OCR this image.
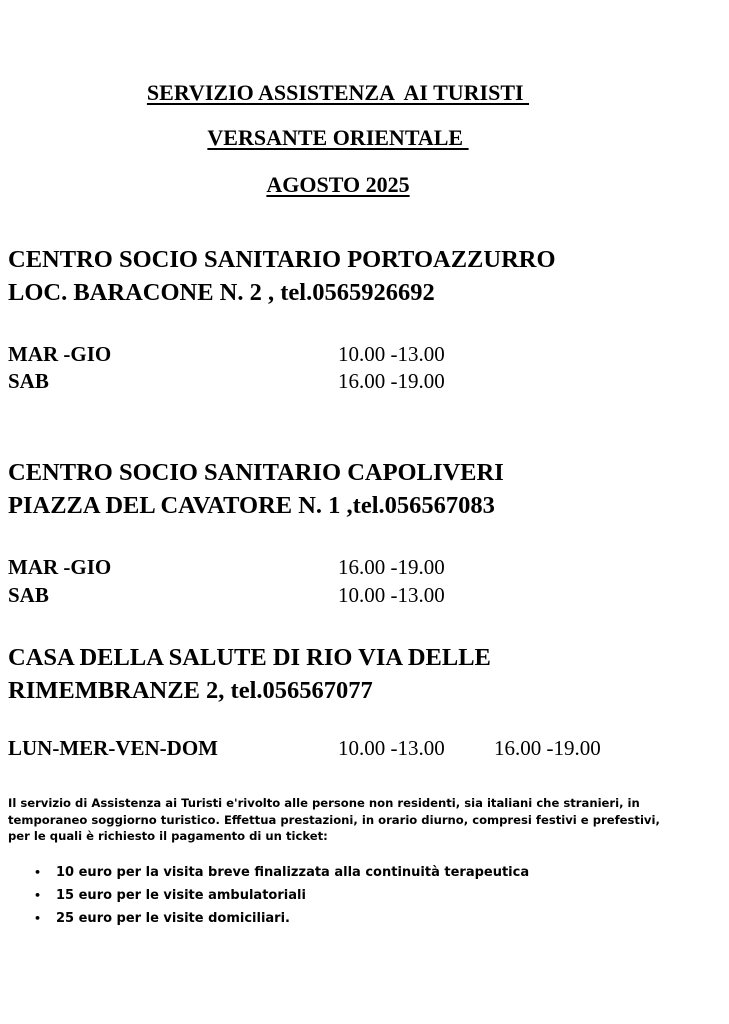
SERVIZIO ASSISTENZA  AI TURISTI
VERSANTE ORIENTALE
AGOSTO 2025
CENTRO SOCIO SANITARIO PORTOAZZURRO
LOC. BARACONE N. 2 , tel.0565926692
MAR -GIO	10.00 -13.00
SAB	16.00 -19.00
CENTRO SOCIO SANITARIO CAPOLIVERI
PIAZZA DEL CAVATORE N. 1 ,tel.056567083
MAR -GIO	16.00 -19.00
SAB	10.00 -13.00
CASA DELLA SALUTE DI RIO VIA DELLE
RIMEMBRANZE 2, tel.056567077
LUN-MER-VEN-DOM	10.00 -13.00 16.00 -19.00
Il servizio di Assistenza ai Turisti e'rivolto alle persone non residenti, sia italiani che stranieri, in temporaneo soggiorno turistico. Effettua prestazioni, in orario diurno, compresi festivi e prefestivi, per le quali è richiesto il pagamento di un ticket:
• 10 euro per la visita breve finalizzata alla continuità terapeutica
• 15 euro per le visite ambulatoriali
• 25 euro per le visite domiciliari.
